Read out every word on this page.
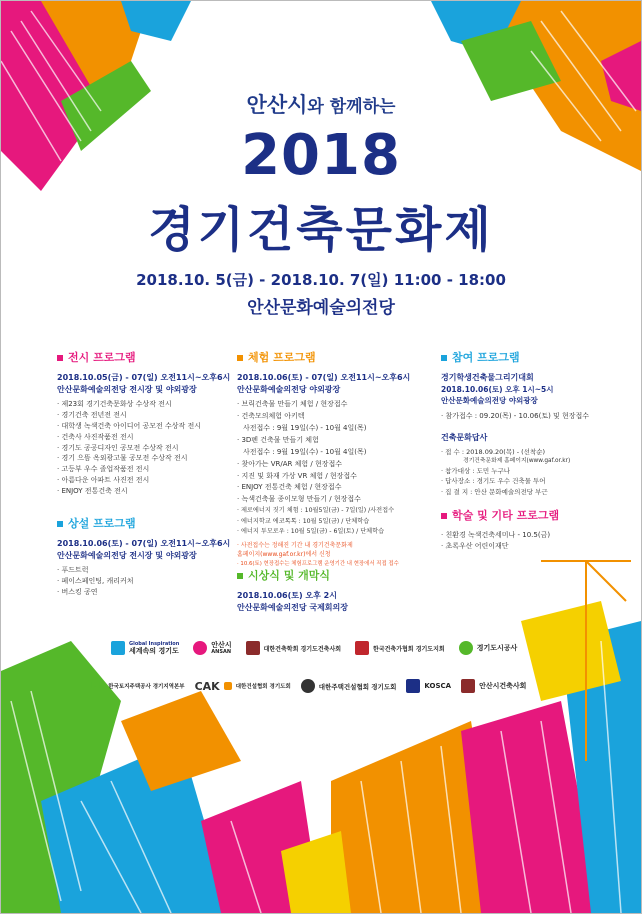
안산시와 함께하는
2018
경기건축문화제
2018.10. 5(금) - 2018.10. 7(일) 11:00 - 18:00
안산문화예술의전당
전시 프로그램
2018.10.05(금) - 07(일) 오전11시~오후6시
안산문화예술의전당 전시장 및 야외광장
· 제23회 경기건축문화상 수상작 전시
· 경기건축 전년전 전시
· 대학생 녹색건축 아이디어 공모전 수상작 전시
· 건축사 사진작품전 전시
· 경기도 공공디자인 공모전 수상작 전시
· 경기 으뜸 옥외광고물 공모전 수상작 전시
· 고등부 우수 졸업작품전 전시
· 아름다운 아파트 사진전 전시
· ENJOY 전통건축 전시
상설 프로그램
2018.10.06(토) - 07(일) 오전11시~오후6시
안산문화예술의전당 전시장 및 야외광장
· 푸드트럭
· 페이스페인팅, 캐리커처
· 버스킹 공연
체험 프로그램
2018.10.06(토) - 07(일) 오전11시~오후6시
안산문화예술의전당 야외광장
· 브릭건축물 만들기 체험 / 현장접수
· 건축모의체험 아키텍
사전접수 : 9월 19일(수) - 10월 4일(목)
· 3D펜 건축물 만들기 체험
사전접수 : 9월 19일(수) - 10월 4일(목)
· 찾아가는 VR/AR 체험 / 현장접수
· 지진 및 화재 가상 VR 체험 / 현장접수
· ENJOY 전통건축 체험 / 현장접수
· 녹색건축물 종이모형 만들기 / 현장접수
· 제로에너지 짓기 체험 : 10월5일(금) - 7일(일) /사전접수
· 에너지학교 에코톡톡 : 10월 5일(금) / 단체학습
· 에너지 투모로우 : 10월 5일(금) - 6일(토) / 단체학습
· 사전접수는 정해진 기간 내 경기건축문화제
홈페이지(www.gaf.or.kr)에서 신청
· 10.6(토) 현장접수는 체험프로그램 운영기간 내 현장에서 직접 접수
시상식 및 개막식
2018.10.06(토) 오후 2시
안산문화예술의전당 국제회의장
참여 프로그램
경기학생건축물그리기대회
2018.10.06(토) 오후 1시~5시
안산문화예술의전당 야외광장
· 참가접수 : 09.20(목) - 10.06(토) 및 현장접수
건축문화답사
· 접 수 : 2018.09.20(목) - (선착순)
경기건축문화제 홈페이지(www.gaf.or.kr)
· 참가대상 : 도민 누구나
· 답사장소 : 경기도 우수 건축물 투어
· 집 결 지 : 안산 문화예술의전당 부근
학술 및 기타 프로그램
· 친환경 녹색건축세미나 - 10.5(금)
· 초록우산 어린이재단
Global Inspiration
세계속의 경기도
안산시
ANSAN	대한건축학회 경기도건축사회	한국건축가협회 경기도지회	경기도시공사
LH 한국토지주택공사 경기지역본부 CAK	대한건설협회 경기도회	대한주택건설협회 경기도회	KOSCA	안산시건축사회
